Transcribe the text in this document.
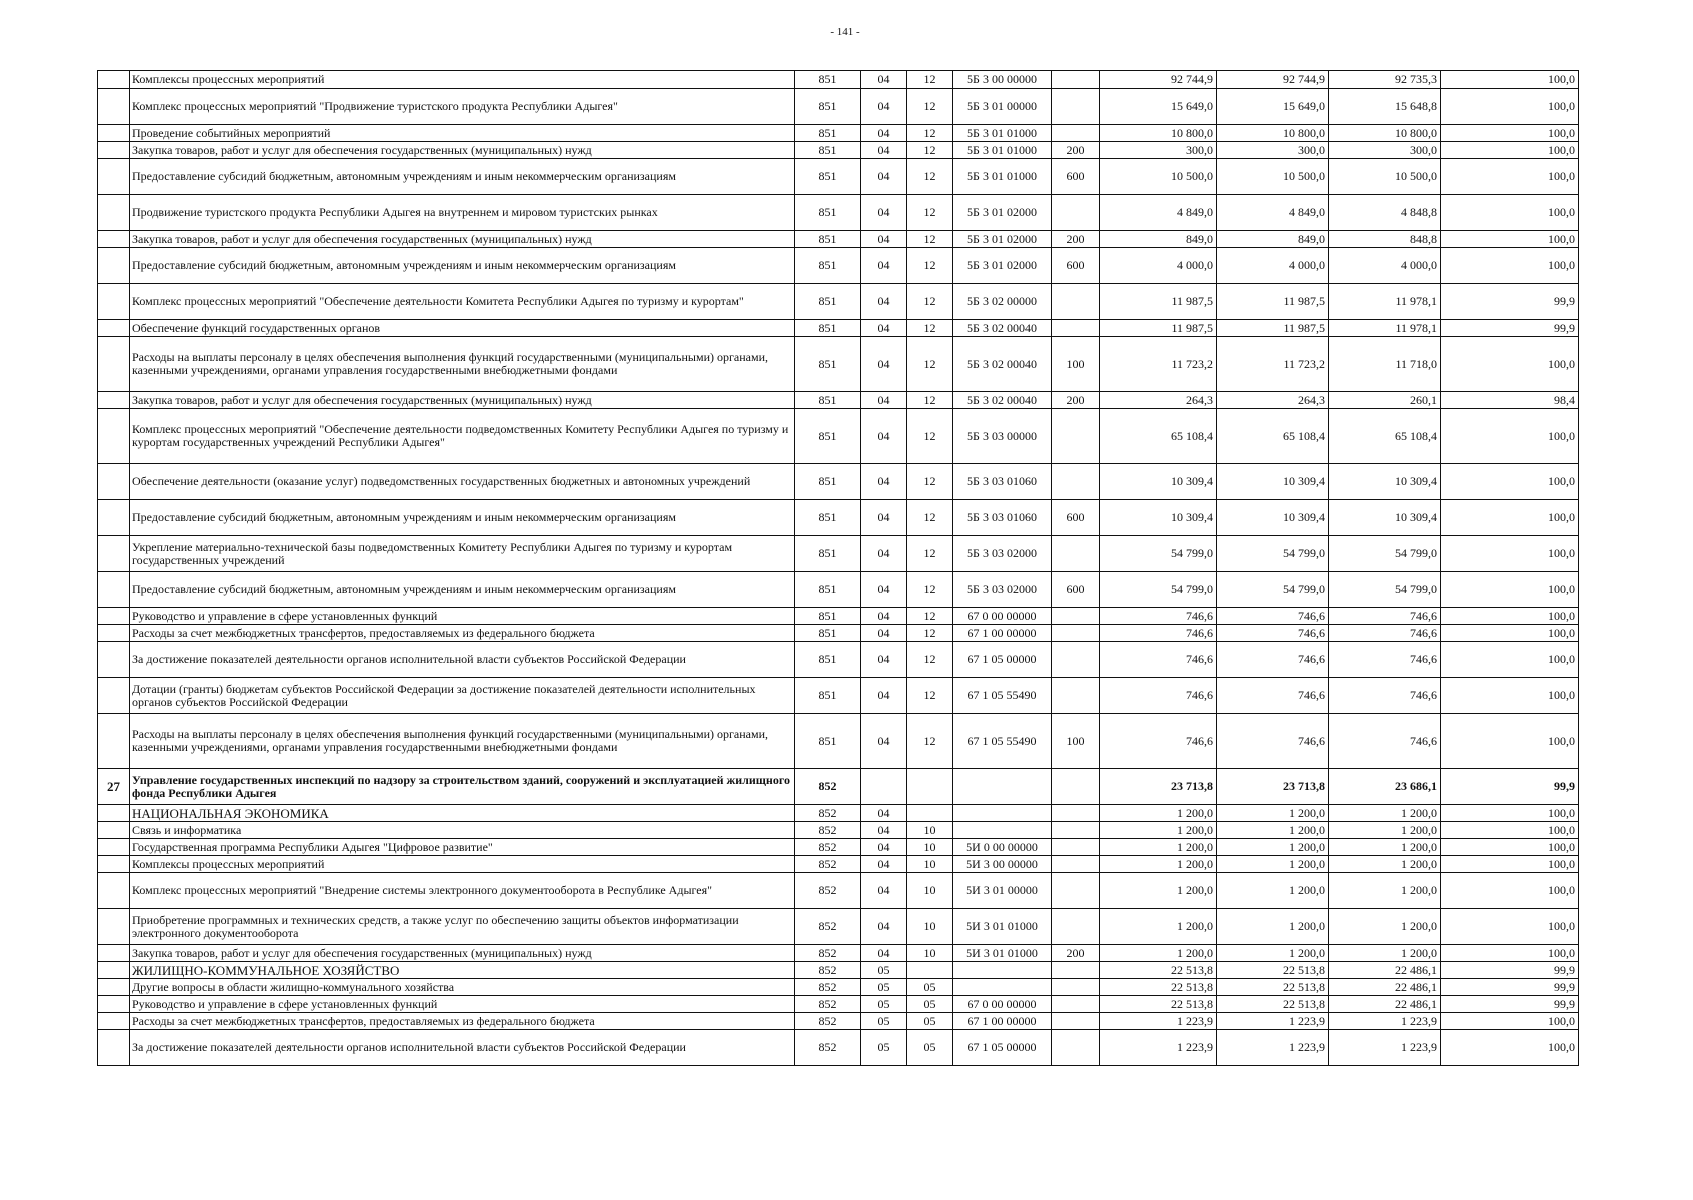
- 141 -
	Комплексы процессных мероприятий	851	04	12	5Б 3 00 00000		92 744,9	92 744,9	92 735,3	100,0
	Комплекс процессных мероприятий "Продвижение туристского продукта Республики Адыгея"	851	04	12	5Б 3 01 00000		15 649,0	15 649,0	15 648,8	100,0
	Проведение событийных мероприятий	851	04	12	5Б 3 01 01000		10 800,0	10 800,0	10 800,0	100,0
	Закупка товаров, работ и услуг для обеспечения государственных (муниципальных) нужд	851	04	12	5Б 3 01 01000	200	300,0	300,0	300,0	100,0
	Предоставление субсидий бюджетным, автономным учреждениям и иным некоммерческим организациям	851	04	12	5Б 3 01 01000	600	10 500,0	10 500,0	10 500,0	100,0
	Продвижение туристского продукта Республики Адыгея на внутреннем и мировом туристских рынках	851	04	12	5Б 3 01 02000		4 849,0	4 849,0	4 848,8	100,0
	Закупка товаров, работ и услуг для обеспечения государственных (муниципальных) нужд	851	04	12	5Б 3 01 02000	200	849,0	849,0	848,8	100,0
	Предоставление субсидий бюджетным, автономным учреждениям и иным некоммерческим организациям	851	04	12	5Б 3 01 02000	600	4 000,0	4 000,0	4 000,0	100,0
	Комплекс процессных мероприятий "Обеспечение деятельности Комитета Республики Адыгея по туризму и курортам"	851	04	12	5Б 3 02 00000		11 987,5	11 987,5	11 978,1	99,9
	Обеспечение функций государственных органов	851	04	12	5Б 3 02 00040		11 987,5	11 987,5	11 978,1	99,9
	Расходы на выплаты персоналу в целях обеспечения выполнения функций государственными (муниципальными) органами, казенными учреждениями, органами управления государственными внебюджетными фондами	851	04	12	5Б 3 02 00040	100	11 723,2	11 723,2	11 718,0	100,0
	Закупка товаров, работ и услуг для обеспечения государственных (муниципальных) нужд	851	04	12	5Б 3 02 00040	200	264,3	264,3	260,1	98,4
	Комплекс процессных мероприятий "Обеспечение деятельности подведомственных Комитету Республики Адыгея по туризму и курортам государственных учреждений Республики Адыгея"	851	04	12	5Б 3 03 00000		65 108,4	65 108,4	65 108,4	100,0
	Обеспечение деятельности (оказание услуг) подведомственных государственных бюджетных и автономных учреждений	851	04	12	5Б 3 03 01060		10 309,4	10 309,4	10 309,4	100,0
	Предоставление субсидий бюджетным, автономным учреждениям и иным некоммерческим организациям	851	04	12	5Б 3 03 01060	600	10 309,4	10 309,4	10 309,4	100,0
	Укрепление материально-технической базы подведомственных Комитету Республики Адыгея по туризму и курортам государственных учреждений	851	04	12	5Б 3 03 02000		54 799,0	54 799,0	54 799,0	100,0
	Предоставление субсидий бюджетным, автономным учреждениям и иным некоммерческим организациям	851	04	12	5Б 3 03 02000	600	54 799,0	54 799,0	54 799,0	100,0
	Руководство и управление в сфере установленных функций	851	04	12	67 0 00 00000		746,6	746,6	746,6	100,0
	Расходы за счет межбюджетных трансфертов, предоставляемых из федерального бюджета	851	04	12	67 1 00 00000		746,6	746,6	746,6	100,0
	За достижение показателей деятельности органов исполнительной власти субъектов Российской Федерации	851	04	12	67 1 05 00000		746,6	746,6	746,6	100,0
	Дотации (гранты) бюджетам субъектов Российской Федерации за достижение показателей деятельности исполнительных органов субъектов Российской Федерации	851	04	12	67 1 05 55490		746,6	746,6	746,6	100,0
	Расходы на выплаты персоналу в целях обеспечения выполнения функций государственными (муниципальными) органами, казенными учреждениями, органами управления государственными внебюджетными фондами	851	04	12	67 1 05 55490	100	746,6	746,6	746,6	100,0
27	Управление государственных инспекций по надзору за строительством зданий, сооружений и эксплуатацией жилищного фонда Республики Адыгея	852					23 713,8	23 713,8	23 686,1	99,9
	НАЦИОНАЛЬНАЯ ЭКОНОМИКА	852	04				1 200,0	1 200,0	1 200,0	100,0
	Связь и информатика	852	04	10			1 200,0	1 200,0	1 200,0	100,0
	Государственная программа Республики Адыгея "Цифровое развитие"	852	04	10	5И 0 00 00000		1 200,0	1 200,0	1 200,0	100,0
	Комплексы процессных мероприятий	852	04	10	5И 3 00 00000		1 200,0	1 200,0	1 200,0	100,0
	Комплекс процессных мероприятий "Внедрение системы электронного документооборота в Республике Адыгея"	852	04	10	5И 3 01 00000		1 200,0	1 200,0	1 200,0	100,0
	Приобретение программных и технических средств, а также услуг по обеспечению защиты объектов информатизации электронного документооборота	852	04	10	5И 3 01 01000		1 200,0	1 200,0	1 200,0	100,0
	Закупка товаров, работ и услуг для обеспечения государственных (муниципальных) нужд	852	04	10	5И 3 01 01000	200	1 200,0	1 200,0	1 200,0	100,0
	ЖИЛИЩНО-КОММУНАЛЬНОЕ ХОЗЯЙСТВО	852	05				22 513,8	22 513,8	22 486,1	99,9
	Другие вопросы в области жилищно-коммунального хозяйства	852	05	05			22 513,8	22 513,8	22 486,1	99,9
	Руководство и управление в сфере установленных функций	852	05	05	67 0 00 00000		22 513,8	22 513,8	22 486,1	99,9
	Расходы за счет межбюджетных трансфертов, предоставляемых из федерального бюджета	852	05	05	67 1 00 00000		1 223,9	1 223,9	1 223,9	100,0
	За достижение показателей деятельности органов исполнительной власти субъектов Российской Федерации	852	05	05	67 1 05 00000		1 223,9	1 223,9	1 223,9	100,0
